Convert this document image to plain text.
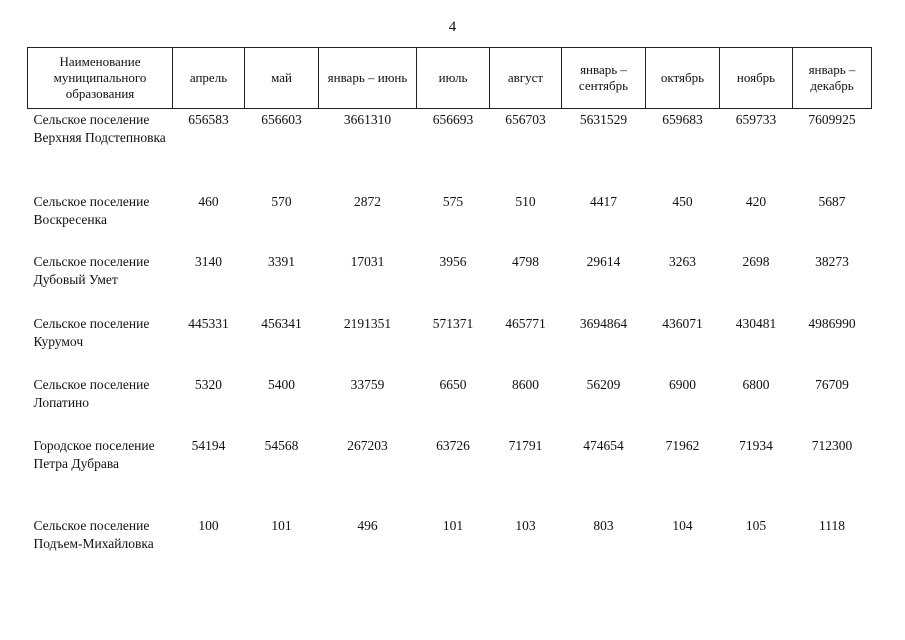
4
Наименование муниципального образования	апрель	май	январь – июнь	июль	август	январь – сентябрь	октябрь	ноябрь	январь – декабрь
Сельское поселение Верхняя Подстепновка	656583	656603	3661310	656693	656703	5631529	659683	659733	7609925
Сельское поселение Воскресенка	460	570	2872	575	510	4417	450	420	5687
Сельское поселение Дубовый Умет	3140	3391	17031	3956	4798	29614	3263	2698	38273
Сельское поселение Курумоч	445331	456341	2191351	571371	465771	3694864	436071	430481	4986990
Сельское поселение Лопатино	5320	5400	33759	6650	8600	56209	6900	6800	76709
Городское поселение Петра Дубрава	54194	54568	267203	63726	71791	474654	71962	71934	712300
Сельское поселение Подъем-Михайловка	100	101	496	101	103	803	104	105	1118
